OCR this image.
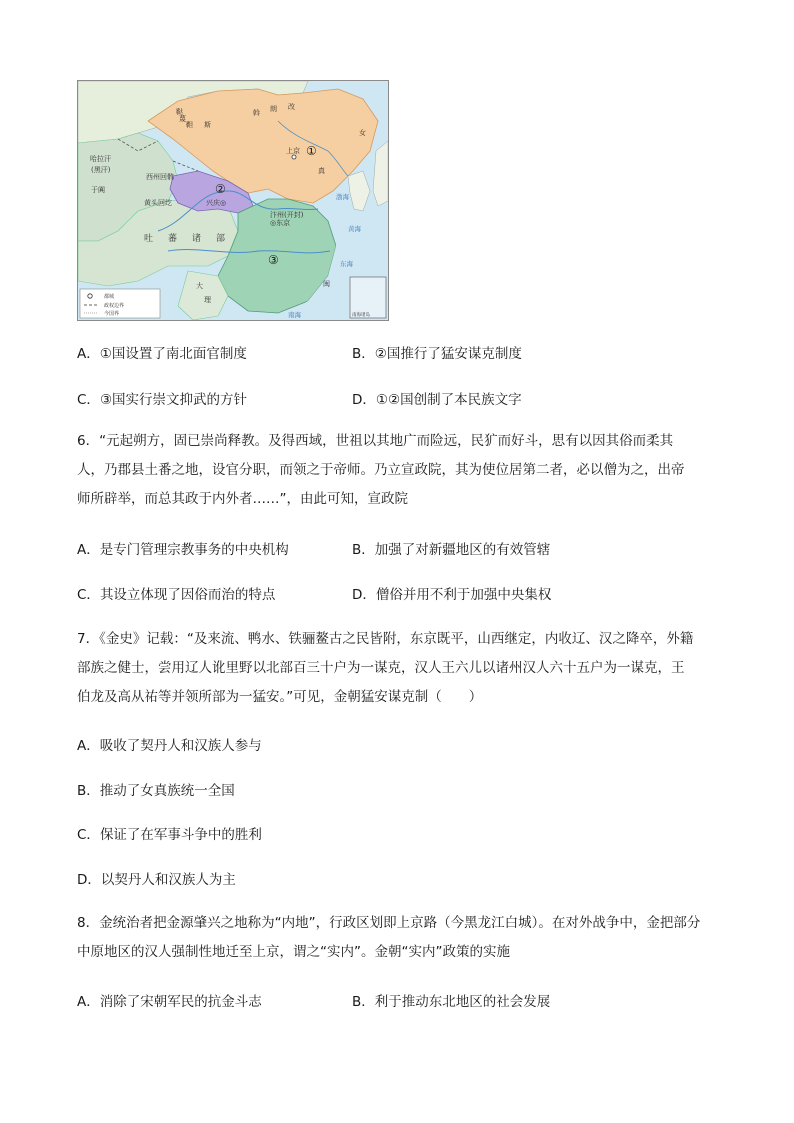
鞑 靼 蔑 斯 斡 朗 改 女 真 哈拉汗 (黑汗) 西州回鹘 于阗 黄头回纥 上京 兴庆◎ 汴州(开封) ◎东京 大 理 闽 都城 政权边界 今国界	南海诸岛
吐　蕃　诸　部
渤海 黄海 东海 南海
① ② ③
A．①国设置了南北面官制度	B．②国推行了猛安谋克制度
C．③国实行崇文抑武的方针	D．①②国创制了本民族文字
6．“元起朔方，固已崇尚释教。及得西域，世祖以其地广而险远，民犷而好斗，思有以因其俗而柔其
人，乃郡县土番之地，设官分职，而领之于帝师。乃立宣政院，其为使位居第二者，必以僧为之，出帝
师所辟举，而总其政于内外者……”，由此可知，宣政院
A．是专门管理宗教事务的中央机构	B．加强了对新疆地区的有效管辖
C．其设立体现了因俗而治的特点	D．僧俗并用不利于加强中央集权
7．《金史》记载：“及来流、鸭水、铁骊鳌古之民皆附，东京既平，山西继定，内收辽、汉之降卒，外籍
部族之健士，尝用辽人讹里野以北部百三十户为一谋克，汉人王六儿以诸州汉人六十五户为一谋克，王
伯龙及高从祐等并领所部为一猛安。”可见，金朝猛安谋克制（　　）
A．吸收了契丹人和汉族人参与
B．推动了女真族统一全国
C．保证了在军事斗争中的胜利
D．以契丹人和汉族人为主
8．金统治者把金源肇兴之地称为“内地”，行政区划即上京路（今黑龙江白城）。在对外战争中，金把部分
中原地区的汉人强制性地迁至上京，谓之“实内”。金朝“实内”政策的实施
A．消除了宋朝军民的抗金斗志	B．利于推动东北地区的社会发展
